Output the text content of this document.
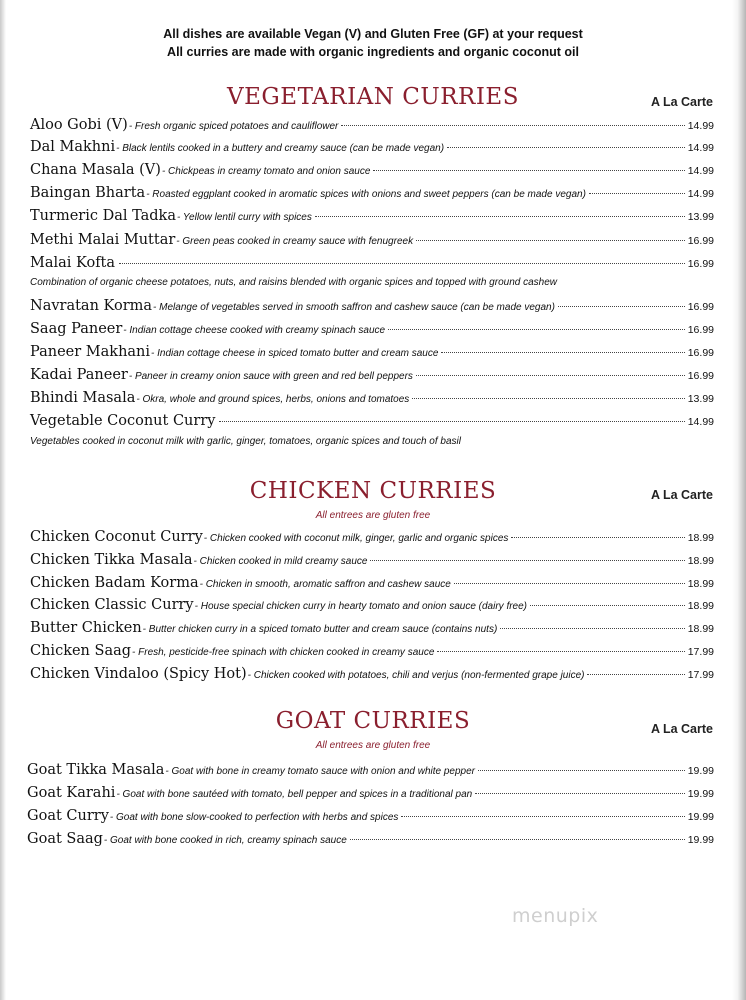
All dishes are available Vegan (V) and Gluten Free (GF) at your request
All curries are made with organic ingredients and organic coconut oil
VEGETARIAN CURRIES	A La Carte
Aloo Gobi (V) - Fresh organic spiced potatoes and cauliflower	14.99
Dal Makhni - Black lentils cooked in a buttery and creamy sauce (can be made vegan)	14.99
Chana Masala (V) - Chickpeas in creamy tomato and onion sauce	14.99
Baingan Bharta - Roasted eggplant cooked in aromatic spices with onions and sweet peppers (can be made vegan)	14.99
Turmeric Dal Tadka - Yellow lentil curry with spices	13.99
Methi Malai Muttar - Green peas cooked in creamy sauce with fenugreek	16.99
Malai Kofta	16.99
Combination of organic cheese potatoes, nuts, and raisins blended with organic spices and topped with ground cashew
Navratan Korma - Melange of vegetables served in smooth saffron and cashew sauce (can be made vegan)	16.99
Saag Paneer - Indian cottage cheese cooked with creamy spinach sauce	16.99
Paneer Makhani - Indian cottage cheese in spiced tomato butter and cream sauce	16.99
Kadai Paneer - Paneer in creamy onion sauce with green and red bell peppers	16.99
Bhindi Masala - Okra, whole and ground spices, herbs, onions and tomatoes	13.99
Vegetable Coconut Curry	14.99
Vegetables cooked in coconut milk with garlic, ginger, tomatoes, organic spices and touch of basil
CHICKEN CURRIES	A La Carte
All entrees are gluten free
Chicken Coconut Curry - Chicken cooked with coconut milk, ginger, garlic and organic spices	18.99
Chicken Tikka Masala - Chicken cooked in mild creamy sauce	18.99
Chicken Badam Korma - Chicken in smooth, aromatic saffron and cashew sauce	18.99
Chicken Classic Curry - House special chicken curry in hearty tomato and onion sauce (dairy free)	18.99
Butter Chicken - Butter chicken curry in a spiced tomato butter and cream sauce (contains nuts)	18.99
Chicken Saag - Fresh, pesticide-free spinach with chicken cooked in creamy sauce	17.99
Chicken Vindaloo (Spicy Hot) - Chicken cooked with potatoes, chili and verjus (non-fermented grape juice)	17.99
GOAT CURRIES	A La Carte
All entrees are gluten free
Goat Tikka Masala - Goat with bone in creamy tomato sauce with onion and white pepper	19.99
Goat Karahi - Goat with bone sautéed with tomato, bell pepper and spices in a traditional pan	19.99
Goat Curry - Goat with bone slow-cooked to perfection with herbs and spices	19.99
Goat Saag - Goat with bone cooked in rich, creamy spinach sauce	19.99
menupix
